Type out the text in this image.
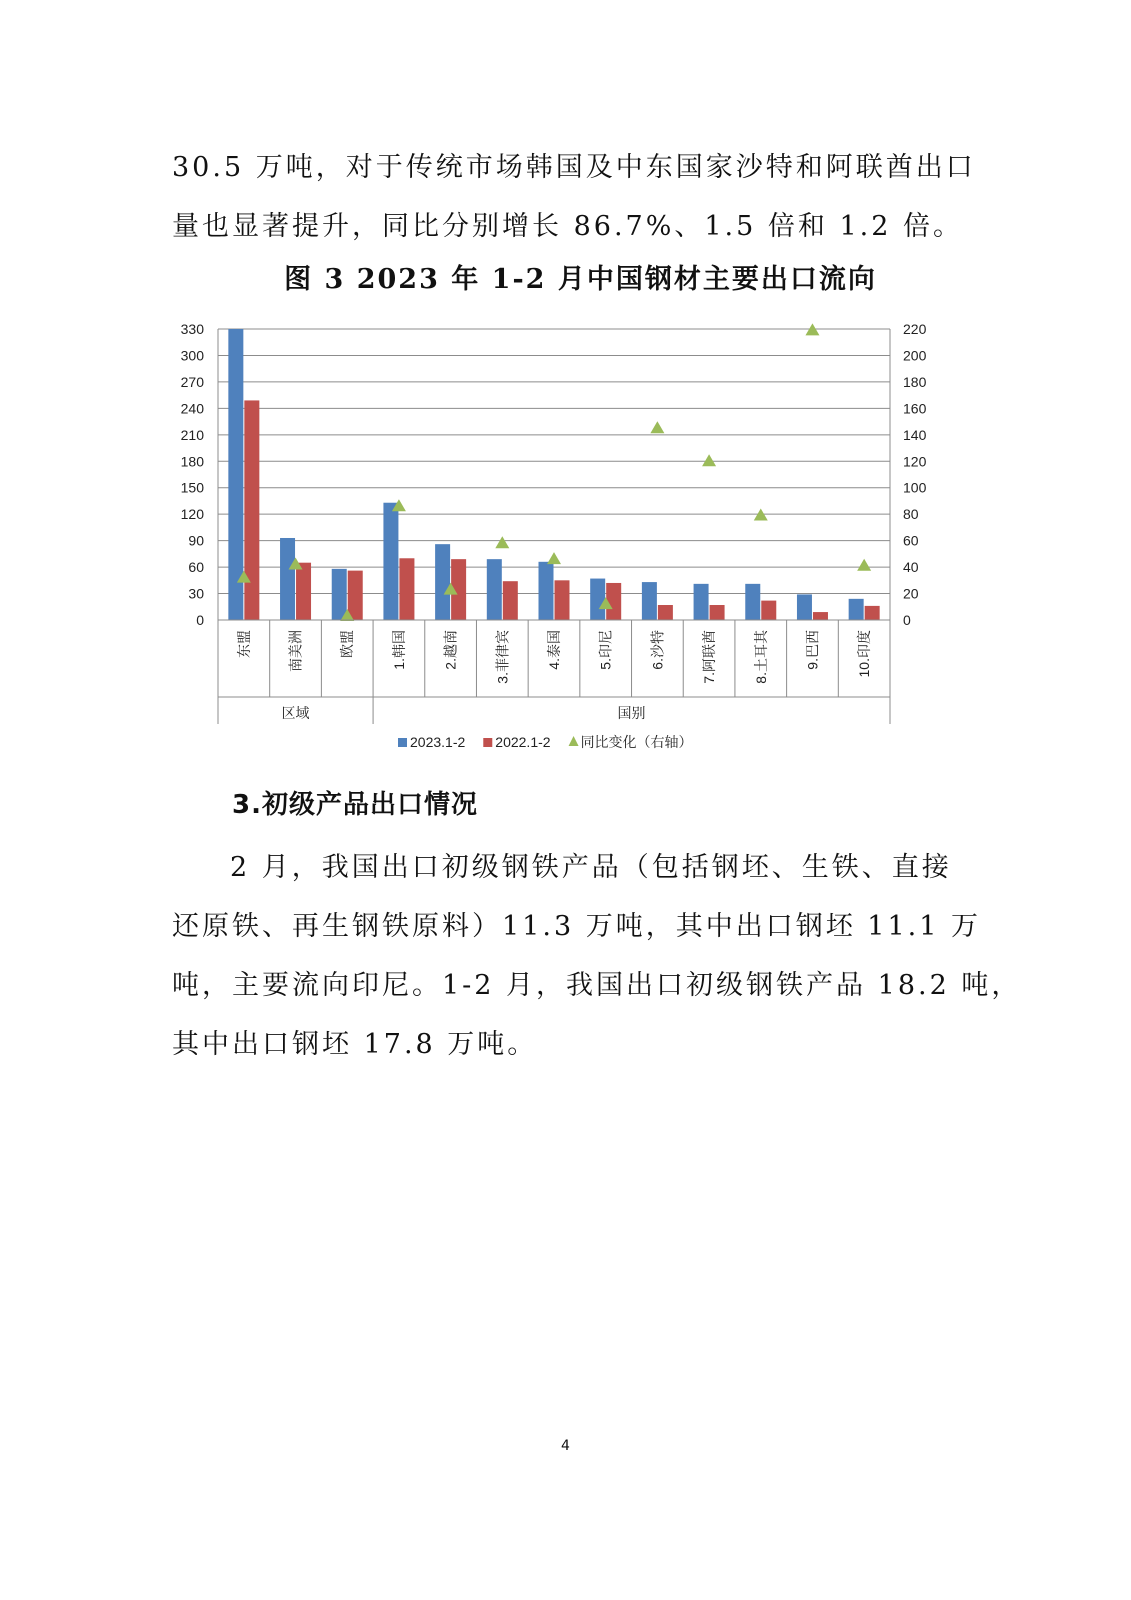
30.5 万吨，对于传统市场韩国及中东国家沙特和阿联酋出口
量也显著提升，同比分别增长 86.7%、1.5 倍和 1.2 倍。
图 3 2023 年 1-2 月中国钢材主要出口流向
0
30
60
90
120
150
180
210
240
270
300
330
0
20
40
60
80
100
120
140
160
180
200
220
东盟	南美洲	欧盟	1.韩国	2.越南	3.菲律宾	4.泰国	5.印尼	6.沙特	7.阿联酋	8.土耳其	9.巴西	10.印度
区域	国别
2023.1-2 2022.1-2 同比变化（右轴）
3.初级产品出口情况
2 月，我国出口初级钢铁产品（包括钢坯、生铁、直接
还原铁、再生钢铁原料）11.3 万吨，其中出口钢坯 11.1 万
吨，主要流向印尼。1-2 月，我国出口初级钢铁产品 18.2 吨，
其中出口钢坯 17.8 万吨。
4
